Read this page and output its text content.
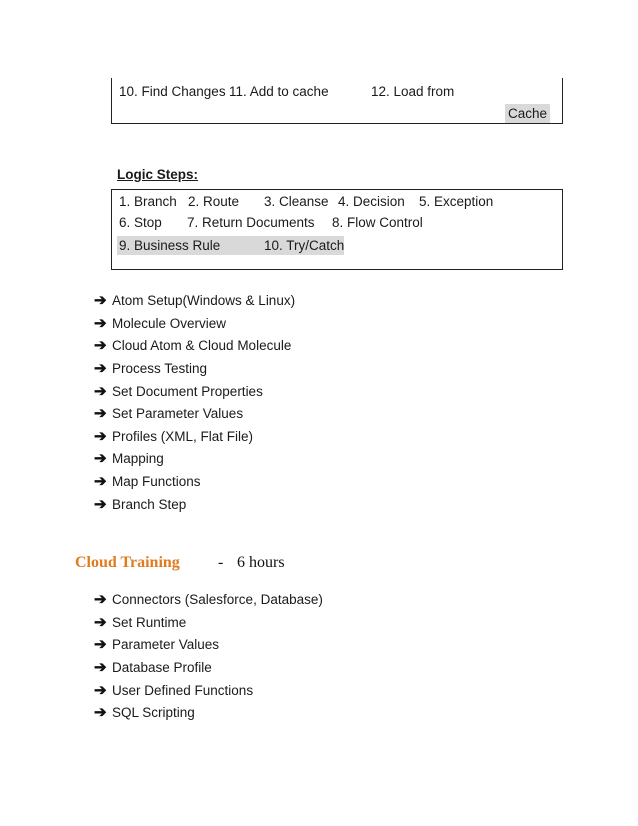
10. Find Changes 11. Add to cache	12. Load from
Cache
Logic Steps:
1. Branch 2. Route 3. Cleanse 4. Decision 5. Exception
6. Stop 7. Return Documents 8. Flow Control
9. Business Rule	10. Try/Catch
➔ Atom Setup(Windows & Linux)
➔ Molecule Overview
➔ Cloud Atom & Cloud Molecule
➔ Process Testing
➔ Set Document Properties
➔ Set Parameter Values
➔ Profiles (XML, Flat File)
➔ Mapping
➔ Map Functions
➔ Branch Step
Cloud Training - 6 hours
➔ Connectors (Salesforce, Database)
➔ Set Runtime
➔ Parameter Values
➔ Database Profile
➔ User Defined Functions
➔ SQL Scripting
